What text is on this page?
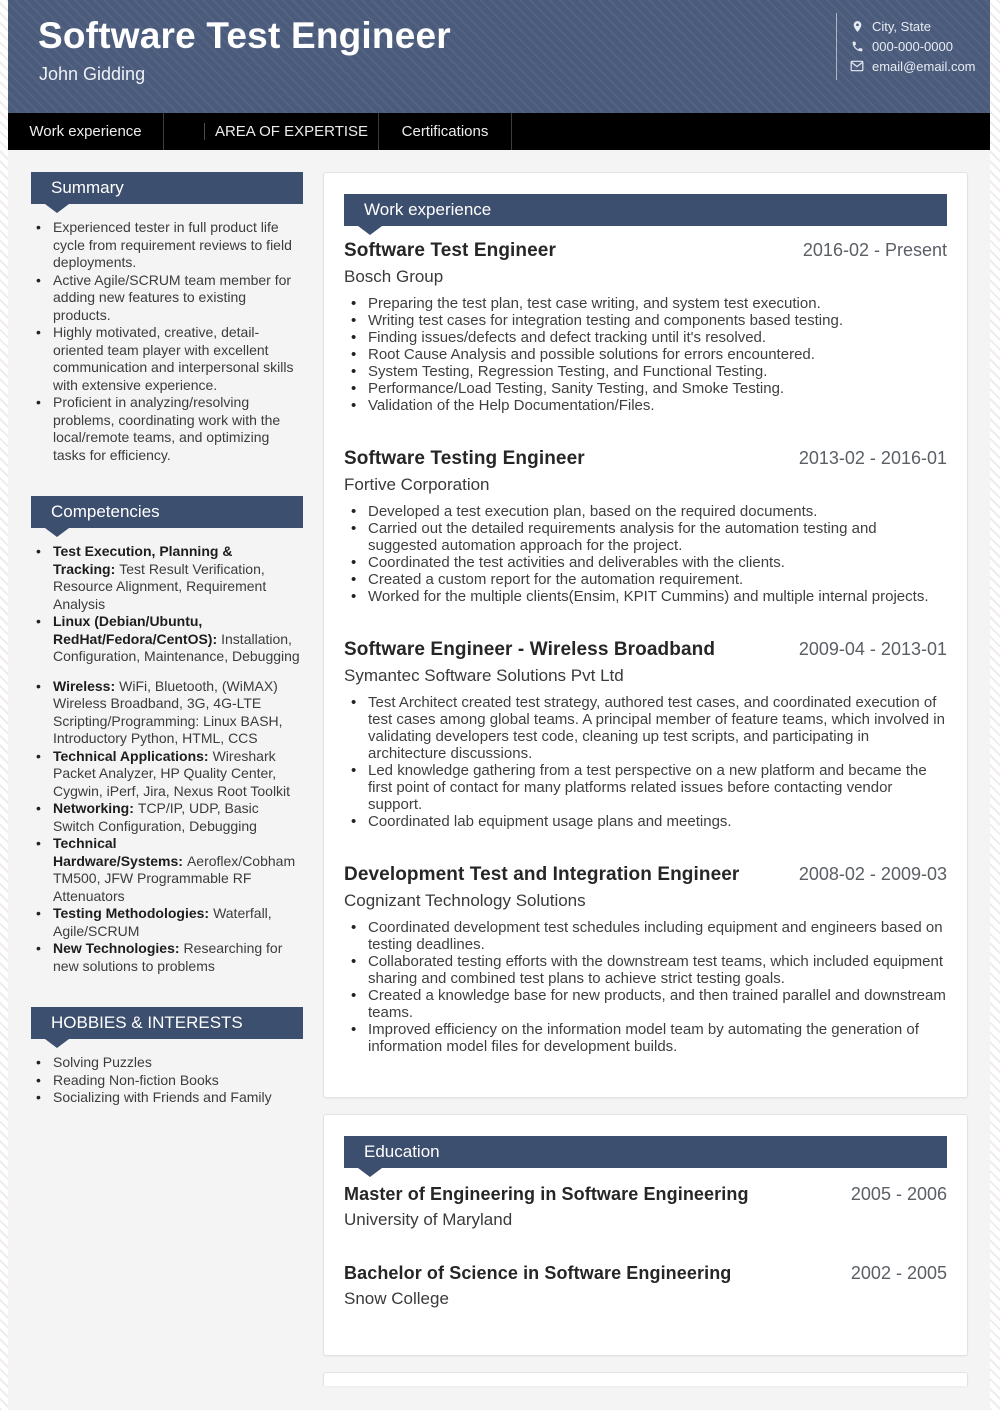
Software Test Engineer
John Gidding
City, State
000-000-0000
email@email.com
Work experience	AREA OF EXPERTISE Certifications
Summary
• Experienced tester in full product life cycle from requirement reviews to field deployments.
• Active Agile/SCRUM team member for adding new features to existing products.
• Highly motivated, creative, detail-oriented team player with excellent communication and interpersonal skills with extensive experience.
• Proficient in analyzing/resolving problems, coordinating work with the local/remote teams, and optimizing tasks for efficiency.
Competencies
• Test Execution, Planning & Tracking: Test Result Verification, Resource Alignment, Requirement Analysis
• Linux (Debian/Ubuntu, RedHat/Fedora/CentOS): Installation, Configuration, Maintenance, Debugging
• Wireless: WiFi, Bluetooth, (WiMAX) Wireless Broadband, 3G, 4G-LTE Scripting/Programming: Linux BASH, Introductory Python, HTML, CCS
• Technical Applications: Wireshark Packet Analyzer, HP Quality Center, Cygwin, iPerf, Jira, Nexus Root Toolkit
• Networking: TCP/IP, UDP, Basic Switch Configuration, Debugging
• Technical Hardware/Systems: Aeroflex/Cobham TM500, JFW Programmable RF Attenuators
• Testing Methodologies: Waterfall, Agile/SCRUM
• New Technologies: Researching for new solutions to problems
HOBBIES & INTERESTS
• Solving Puzzles
• Reading Non-fiction Books
• Socializing with Friends and Family
Work experience
Software Test Engineer	2016-02 - Present
Bosch Group
• Preparing the test plan, test case writing, and system test execution.
• Writing test cases for integration testing and components based testing.
• Finding issues/defects and defect tracking until it's resolved.
• Root Cause Analysis and possible solutions for errors encountered.
• System Testing, Regression Testing, and Functional Testing.
• Performance/Load Testing, Sanity Testing, and Smoke Testing.
• Validation of the Help Documentation/Files.
Software Testing Engineer	2013-02 - 2016-01
Fortive Corporation
• Developed a test execution plan, based on the required documents.
• Carried out the detailed requirements analysis for the automation testing and suggested automation approach for the project.
• Coordinated the test activities and deliverables with the clients.
• Created a custom report for the automation requirement.
• Worked for the multiple clients(Ensim, KPIT Cummins) and multiple internal projects.
Software Engineer - Wireless Broadband	2009-04 - 2013-01
Symantec Software Solutions Pvt Ltd
• Test Architect created test strategy, authored test cases, and coordinated execution of test cases among global teams. A principal member of feature teams, which involved in validating developers test code, cleaning up test scripts, and participating in architecture discussions.
• Led knowledge gathering from a test perspective on a new platform and became the first point of contact for many platforms related issues before contacting vendor support.
• Coordinated lab equipment usage plans and meetings.
Development Test and Integration Engineer	2008-02 - 2009-03
Cognizant Technology Solutions
• Coordinated development test schedules including equipment and engineers based on testing deadlines.
• Collaborated testing efforts with the downstream test teams, which included equipment sharing and combined test plans to achieve strict testing goals.
• Created a knowledge base for new products, and then trained parallel and downstream teams.
• Improved efficiency on the information model team by automating the generation of information model files for development builds.
Education
Master of Engineering in Software Engineering	2005 - 2006
University of Maryland
Bachelor of Science in Software Engineering	2002 - 2005
Snow College
